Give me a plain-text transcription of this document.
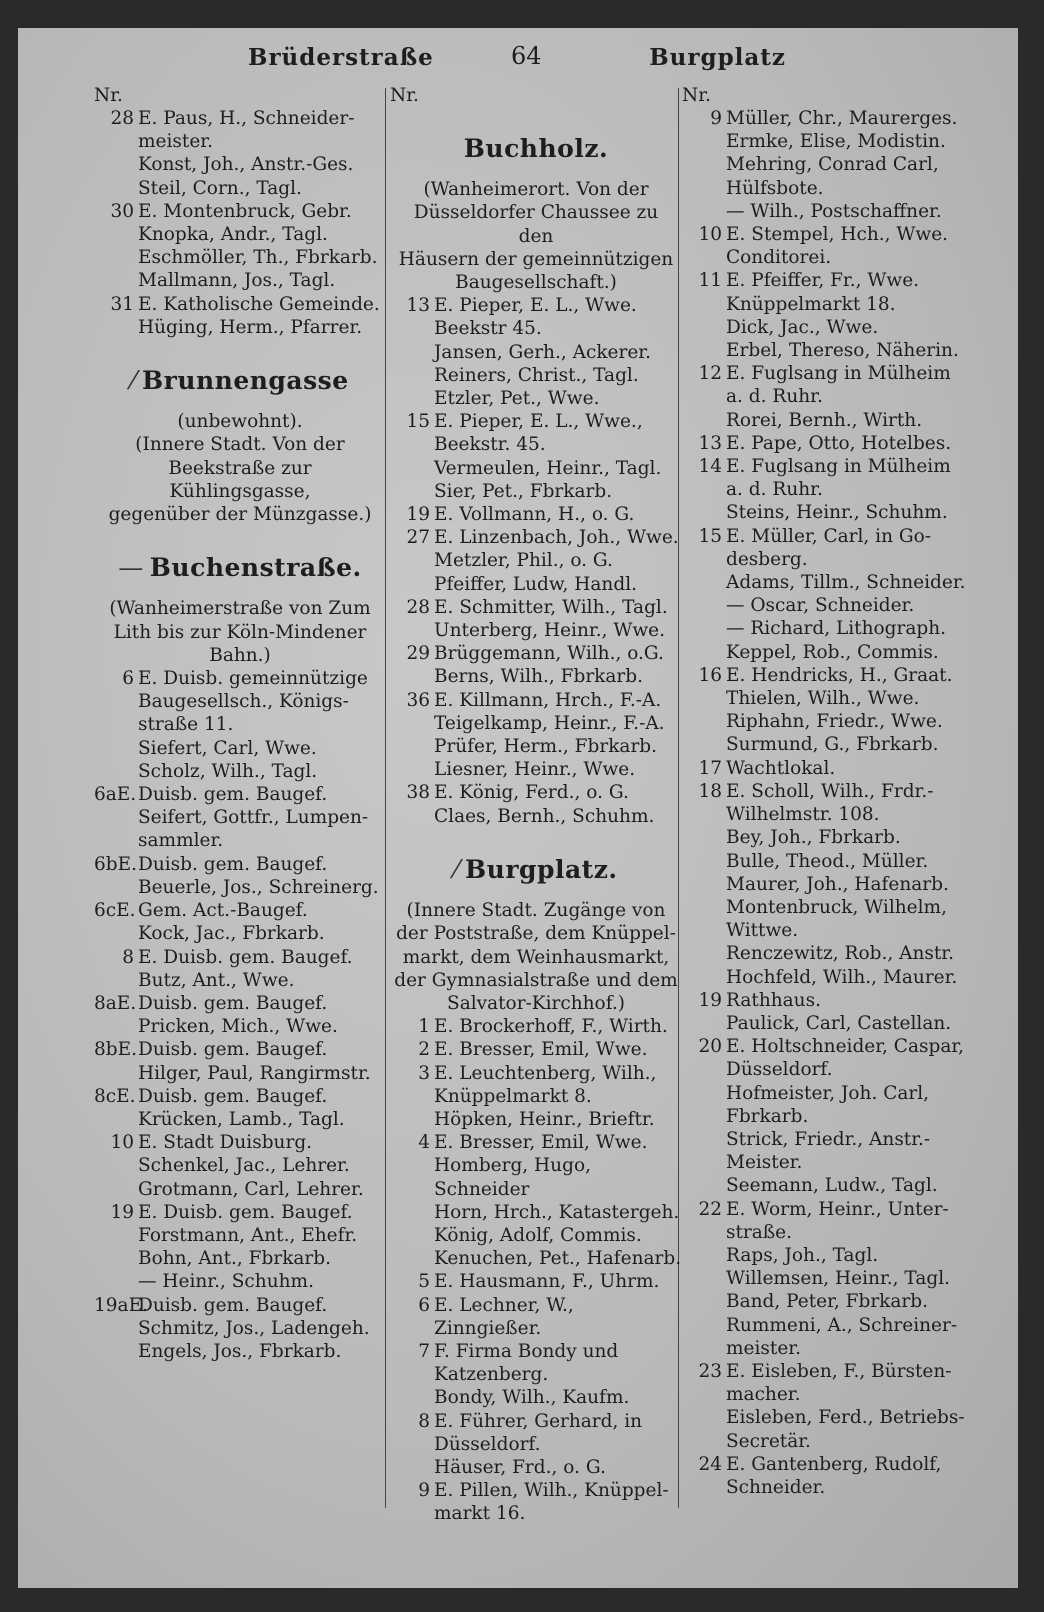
Brüderstraße	64	Burgplatz
Nr.
28 E. Paus, H., Schneider-
meister.
Konst, Joh., Anstr.-Ges.
Steil, Corn., Tagl.
30 E. Montenbruck, Gebr.
Knopka, Andr., Tagl.
Eschmöller, Th., Fbrkarb.
Mallmann, Jos., Tagl.
31 E. Katholische Gemeinde.
Hüging, Herm., Pfarrer.
⁄ Brunnengasse
(unbewohnt).
(Innere Stadt. Von der
Beekstraße zur Kühlingsgasse,
gegenüber der Münzgasse.)
— Buchenstraße.
(Wanheimerstraße von Zum
Lith bis zur Köln-Mindener
Bahn.)
6 E. Duisb. gemeinnützige
Baugesellsch., Königs-
straße 11.
Siefert, Carl, Wwe.
Scholz, Wilh., Tagl.
6aE. Duisb. gem. Baugef.
Seifert, Gottfr., Lumpen-
sammler.
6bE. Duisb. gem. Baugef.
Beuerle, Jos., Schreinerg.
6cE. Gem. Act.-Baugef.
Kock, Jac., Fbrkarb.
8 E. Duisb. gem. Baugef.
Butz, Ant., Wwe.
8aE. Duisb. gem. Baugef.
Pricken, Mich., Wwe.
8bE. Duisb. gem. Baugef.
Hilger, Paul, Rangirmstr.
8cE. Duisb. gem. Baugef.
Krücken, Lamb., Tagl.
10 E. Stadt Duisburg.
Schenkel, Jac., Lehrer.
Grotmann, Carl, Lehrer.
19 E. Duisb. gem. Baugef.
Forstmann, Ant., Ehefr.
Bohn, Ant., Fbrkarb.
— Heinr., Schuhm.
19aE.
Duisb. gem. Baugef.
Schmitz, Jos., Ladengeh.
Engels, Jos., Fbrkarb.
Nr.
Buchholz.
(Wanheimerort. Von der
Düsseldorfer Chaussee zu den
Häusern der gemeinnützigen
Baugesellschaft.)
13 E. Pieper, E. L., Wwe.
Beekstr 45.
Jansen, Gerh., Ackerer.
Reiners, Christ., Tagl.
Etzler, Pet., Wwe.
15 E. Pieper, E. L., Wwe.,
Beekstr. 45.
Vermeulen, Heinr., Tagl.
Sier, Pet., Fbrkarb.
19 E. Vollmann, H., o. G.
27 E. Linzenbach, Joh., Wwe.
Metzler, Phil., o. G.
Pfeiffer, Ludw, Handl.
28 E. Schmitter, Wilh., Tagl.
Unterberg, Heinr., Wwe.
29 Brüggemann, Wilh., o.G.
Berns, Wilh., Fbrkarb.
36 E. Killmann, Hrch., F.-A.
Teigelkamp, Heinr., F.-A.
Prüfer, Herm., Fbrkarb.
Liesner, Heinr., Wwe.
38 E. König, Ferd., o. G.
Claes, Bernh., Schuhm.
⁄ Burgplatz.
(Innere Stadt. Zugänge von
der Poststraße, dem Knüppel-
markt, dem Weinhausmarkt,
der Gymnasialstraße und dem
Salvator-Kirchhof.)
1 E. Brockerhoff, F., Wirth.
2 E. Bresser, Emil, Wwe.
3 E. Leuchtenberg, Wilh.,
Knüppelmarkt 8.
Höpken, Heinr., Brieftr.
4 E. Bresser, Emil, Wwe.
Homberg, Hugo, Schneider
Horn, Hrch., Katastergeh.
König, Adolf, Commis.
Kenuchen, Pet., Hafenarb.
5 E. Hausmann, F., Uhrm.
6 E. Lechner, W., Zinngießer.
7 F. Firma Bondy und
Katzenberg.
Bondy, Wilh., Kaufm.
8 E. Führer, Gerhard, in
Düsseldorf.
Häuser, Frd., o. G.
9 E. Pillen, Wilh., Knüppel-
markt 16.
Nr.
9 Müller, Chr., Maurerges.
Ermke, Elise, Modistin.
Mehring, Conrad Carl,
Hülfsbote.
— Wilh., Postschaffner.
10 E. Stempel, Hch., Wwe.
Conditorei.
11 E. Pfeiffer, Fr., Wwe.
Knüppelmarkt 18.
Dick, Jac., Wwe.
Erbel, Thereso, Näherin.
12 E. Fuglsang in Mülheim
a. d. Ruhr.
Rorei, Bernh., Wirth.
13 E. Pape, Otto, Hotelbes.
14 E. Fuglsang in Mülheim
a. d. Ruhr.
Steins, Heinr., Schuhm.
15 E. Müller, Carl, in Go-
desberg.
Adams, Tillm., Schneider.
— Oscar, Schneider.
— Richard, Lithograph.
Keppel, Rob., Commis.
16 E. Hendricks, H., Graat.
Thielen, Wilh., Wwe.
Riphahn, Friedr., Wwe.
Surmund, G., Fbrkarb.
17 Wachtlokal.
18 E. Scholl, Wilh., Frdr.-
Wilhelmstr. 108.
Bey, Joh., Fbrkarb.
Bulle, Theod., Müller.
Maurer, Joh., Hafenarb.
Montenbruck, Wilhelm,
Wittwe.
Renczewitz, Rob., Anstr.
Hochfeld, Wilh., Maurer.
19 Rathhaus.
Paulick, Carl, Castellan.
20 E. Holtschneider, Caspar,
Düsseldorf.
Hofmeister, Joh. Carl,
Fbrkarb.
Strick, Friedr., Anstr.-
Meister.
Seemann, Ludw., Tagl.
22 E. Worm, Heinr., Unter-
straße.
Raps, Joh., Tagl.
Willemsen, Heinr., Tagl.
Band, Peter, Fbrkarb.
Rummeni, A., Schreiner-
meister.
23 E. Eisleben, F., Bürsten-
macher.
Eisleben, Ferd., Betriebs-
Secretär.
24 E. Gantenberg, Rudolf,
Schneider.
